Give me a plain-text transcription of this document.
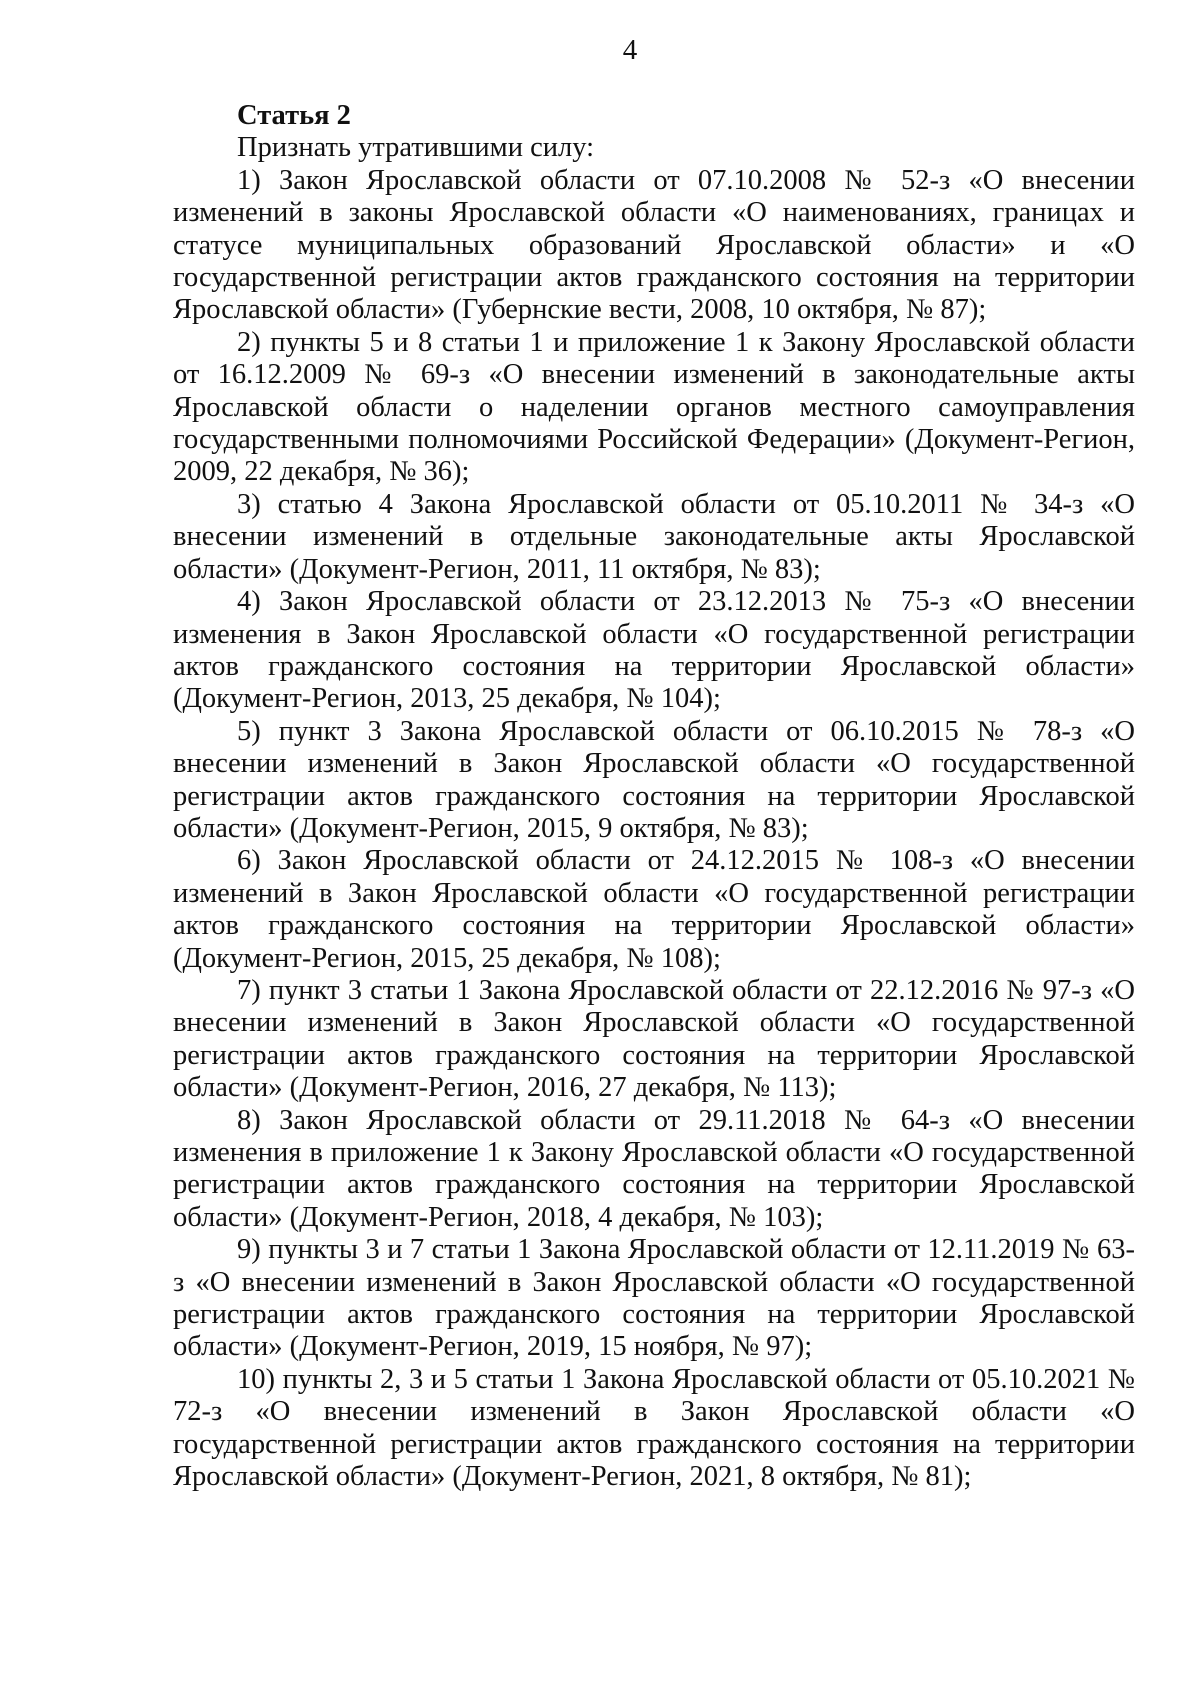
4

Статья 2

Признать утратившими силу:

1) Закон Ярославской области от 07.10.2008 № 52-з «О внесении изменений в законы Ярославской области «О наименованиях, границах и статусе муниципальных образований Ярославской области» и «О государственной регистрации актов гражданского состояния на территории Ярославской области» (Губернские вести, 2008, 10 октября, № 87);

2) пункты 5 и 8 статьи 1 и приложение 1 к Закону Ярославской области от 16.12.2009 № 69-з «О внесении изменений в законодательные акты Ярославской области о наделении органов местного самоуправления государственными полномочиями Российской Федерации» (Документ-Регион, 2009, 22 декабря, № 36);

3) статью 4 Закона Ярославской области от 05.10.2011 № 34-з «О внесении изменений в отдельные законодательные акты Ярославской области» (Документ-Регион, 2011, 11 октября, № 83);

4) Закон Ярославской области от 23.12.2013 № 75-з «О внесении изменения в Закон Ярославской области «О государственной регистрации актов гражданского состояния на территории Ярославской области» (Документ-Регион, 2013, 25 декабря, № 104);

5) пункт 3 Закона Ярославской области от 06.10.2015 № 78-з «О внесении изменений в Закон Ярославской области «О государственной регистрации актов гражданского состояния на территории Ярославской области» (Документ-Регион, 2015, 9 октября, № 83);

6) Закон Ярославской области от 24.12.2015 № 108-з «О внесении изменений в Закон Ярославской области «О государственной регистрации актов гражданского состояния на территории Ярославской области» (Документ-Регион, 2015, 25 декабря, № 108);

7) пункт 3 статьи 1 Закона Ярославской области от 22.12.2016 № 97-з «О внесении изменений в Закон Ярославской области «О государственной регистрации актов гражданского состояния на территории Ярославской области» (Документ-Регион, 2016, 27 декабря, № 113);

8) Закон Ярославской области от 29.11.2018 № 64-з «О внесении изменения в приложение 1 к Закону Ярославской области «О государственной регистрации актов гражданского состояния на территории Ярославской области» (Документ-Регион, 2018, 4 декабря, № 103);

9) пункты 3 и 7 статьи 1 Закона Ярославской области от 12.11.2019 № 63-з «О внесении изменений в Закон Ярославской области «О государственной регистрации актов гражданского состояния на территории Ярославской области» (Документ-Регион, 2019, 15 ноября, № 97);

10) пункты 2, 3 и 5 статьи 1 Закона Ярославской области от 05.10.2021 № 72-з «О внесении изменений в Закон Ярославской области «О государственной регистрации актов гражданского состояния на территории Ярославской области» (Документ-Регион, 2021, 8 октября, № 81);
